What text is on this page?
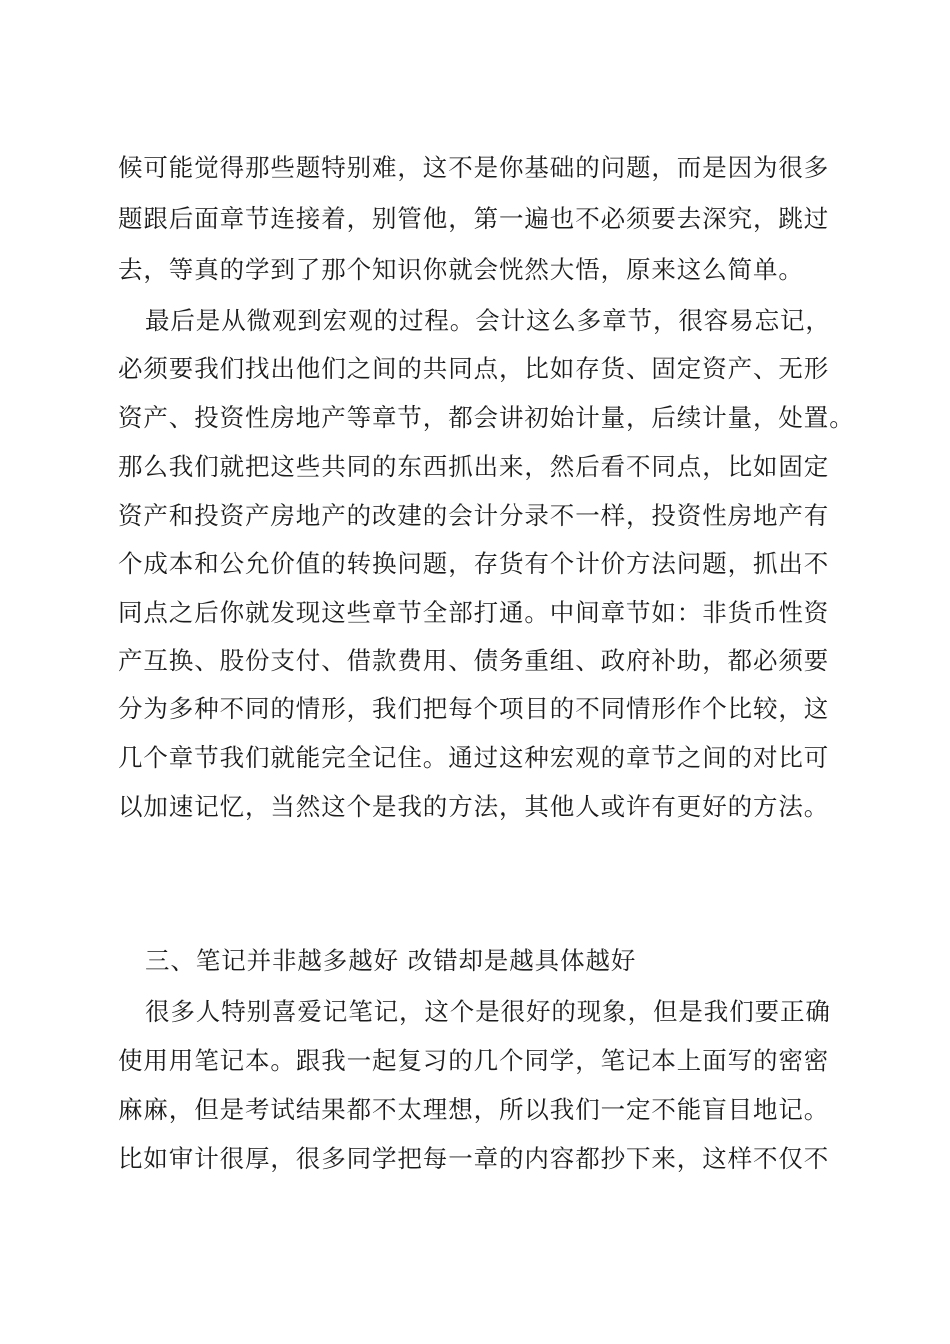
候可能觉得那些题特别难，这不是你基础的问题，而是因为很多
题跟后面章节连接着，别管他，第一遍也不必须要去深究，跳过
去，等真的学到了那个知识你就会恍然大悟，原来这么简单。
最后是从微观到宏观的过程。会计这么多章节，很容易忘记，
必须要我们找出他们之间的共同点，比如存货、固定资产、无形
资产、投资性房地产等章节，都会讲初始计量，后续计量，处置。
那么我们就把这些共同的东西抓出来，然后看不同点，比如固定
资产和投资产房地产的改建的会计分录不一样，投资性房地产有
个成本和公允价值的转换问题，存货有个计价方法问题，抓出不
同点之后你就发现这些章节全部打通。中间章节如：非货币性资
产互换、股份支付、借款费用、债务重组、政府补助，都必须要
分为多种不同的情形，我们把每个项目的不同情形作个比较，这
几个章节我们就能完全记住。通过这种宏观的章节之间的对比可
以加速记忆，当然这个是我的方法，其他人或许有更好的方法。
三、笔记并非越多越好 改错却是越具体越好
很多人特别喜爱记笔记，这个是很好的现象，但是我们要正确
使用用笔记本。跟我一起复习的几个同学，笔记本上面写的密密
麻麻，但是考试结果都不太理想，所以我们一定不能盲目地记。
比如审计很厚，很多同学把每一章的内容都抄下来，这样不仅不
